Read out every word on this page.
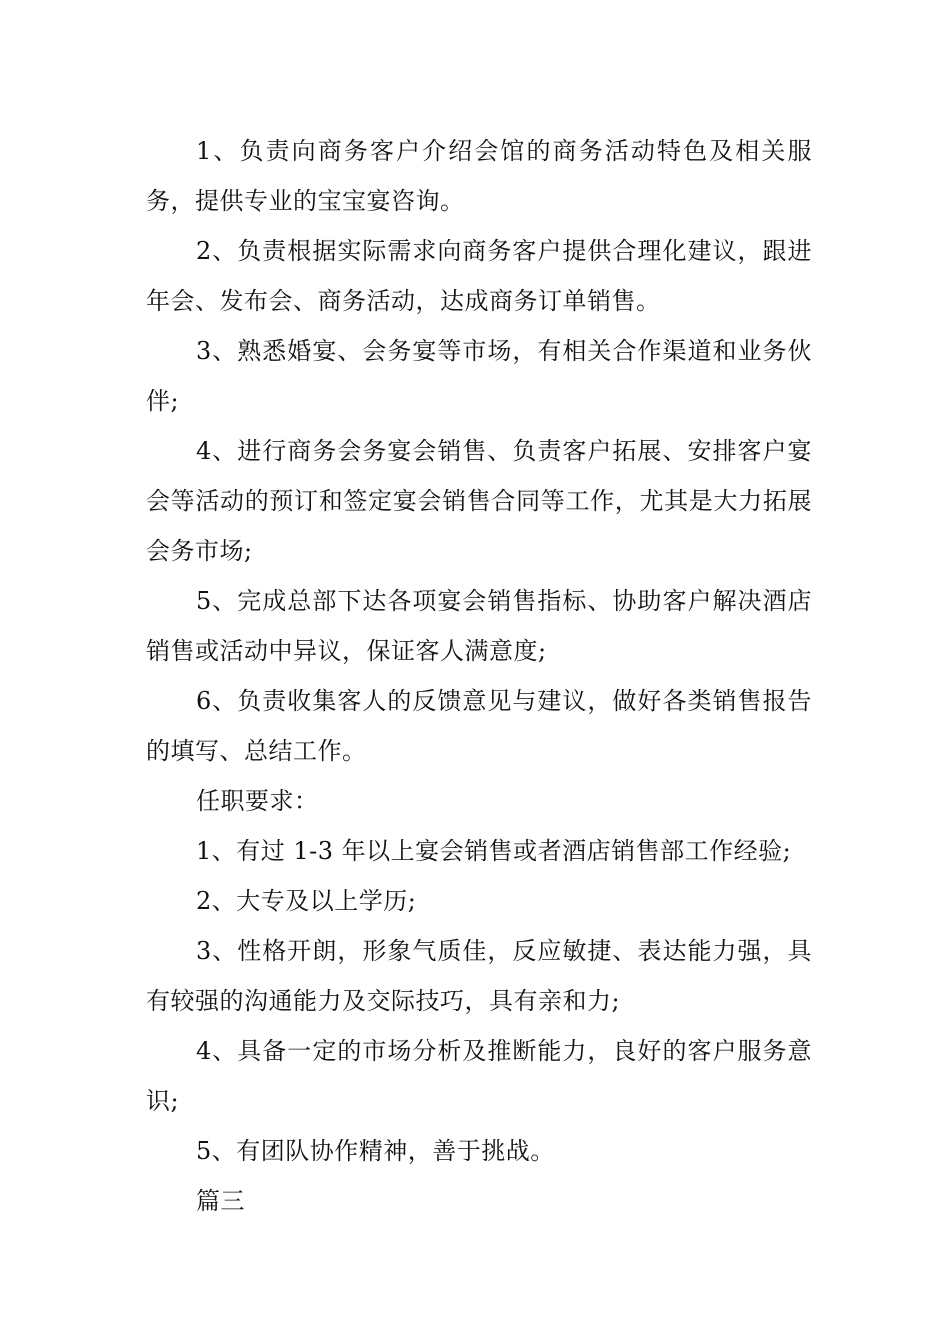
1、负责向商务客户介绍会馆的商务活动特色及相关服务，提供专业的宝宝宴咨询。

2、负责根据实际需求向商务客户提供合理化建议，跟进年会、发布会、商务活动，达成商务订单销售。

3、熟悉婚宴、会务宴等市场，有相关合作渠道和业务伙伴;

4、进行商务会务宴会销售、负责客户拓展、安排客户宴会等活动的预订和签定宴会销售合同等工作，尤其是大力拓展会务市场;

5、完成总部下达各项宴会销售指标、协助客户解决酒店销售或活动中异议，保证客人满意度;

6、负责收集客人的反馈意见与建议，做好各类销售报告的填写、总结工作。

任职要求：

1、有过 1-3 年以上宴会销售或者酒店销售部工作经验;

2、大专及以上学历;

3、性格开朗，形象气质佳，反应敏捷、表达能力强，具有较强的沟通能力及交际技巧，具有亲和力;

4、具备一定的市场分析及推断能力，良好的客户服务意识;

5、有团队协作精神，善于挑战。

篇三
